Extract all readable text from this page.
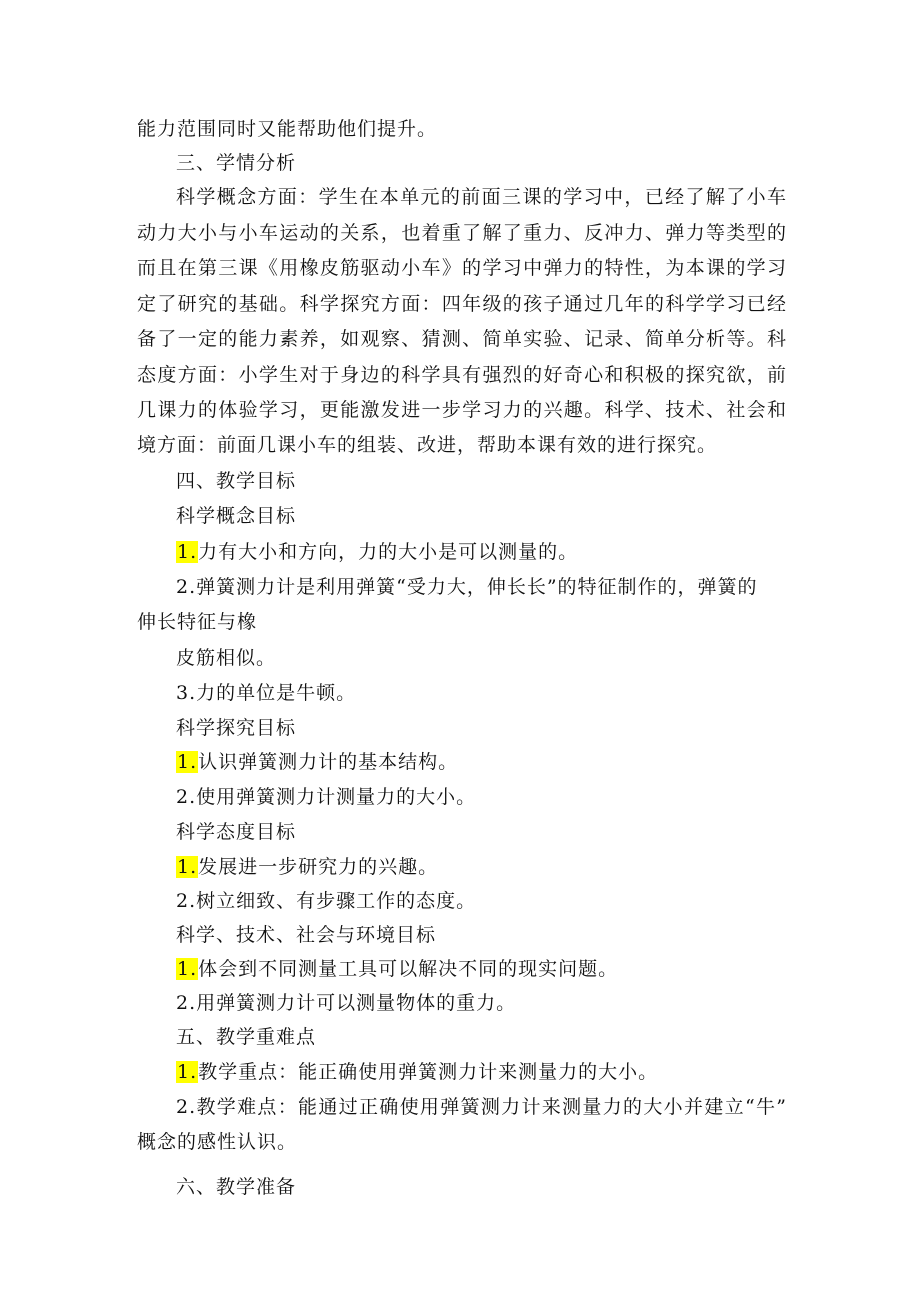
能力范围同时又能帮助他们提升。
三、学情分析
科学概念方面：学生在本单元的前面三课的学习中，已经了解了小车
动力大小与小车运动的关系，也着重了解了重力、反冲力、弹力等类型的
而且在第三课《用橡皮筋驱动小车》的学习中弹力的特性，为本课的学习
定了研究的基础。科学探究方面：四年级的孩子通过几年的科学学习已经
备了一定的能力素养，如观察、猜测、简单实验、记录、简单分析等。科
态度方面：小学生对于身边的科学具有强烈的好奇心和积极的探究欲，前
几课力的体验学习，更能激发进一步学习力的兴趣。科学、技术、社会和
境方面：前面几课小车的组装、改进，帮助本课有效的进行探究。
四、教学目标
科学概念目标
1.力有大小和方向，力的大小是可以测量的。
2.弹簧测力计是利用弹簧“受力大，伸长长”的特征制作的，弹簧的
伸长特征与橡
皮筋相似。
3.力的单位是牛顿。
科学探究目标
1.认识弹簧测力计的基本结构。
2.使用弹簧测力计测量力的大小。
科学态度目标
1.发展进一步研究力的兴趣。
2.树立细致、有步骤工作的态度。
科学、技术、社会与环境目标
1.体会到不同测量工具可以解决不同的现实问题。
2.用弹簧测力计可以测量物体的重力。
五、教学重难点
1.教学重点：能正确使用弹簧测力计来测量力的大小。
2.教学难点：能通过正确使用弹簧测力计来测量力的大小并建立“牛”
概念的感性认识。
六、教学准备
